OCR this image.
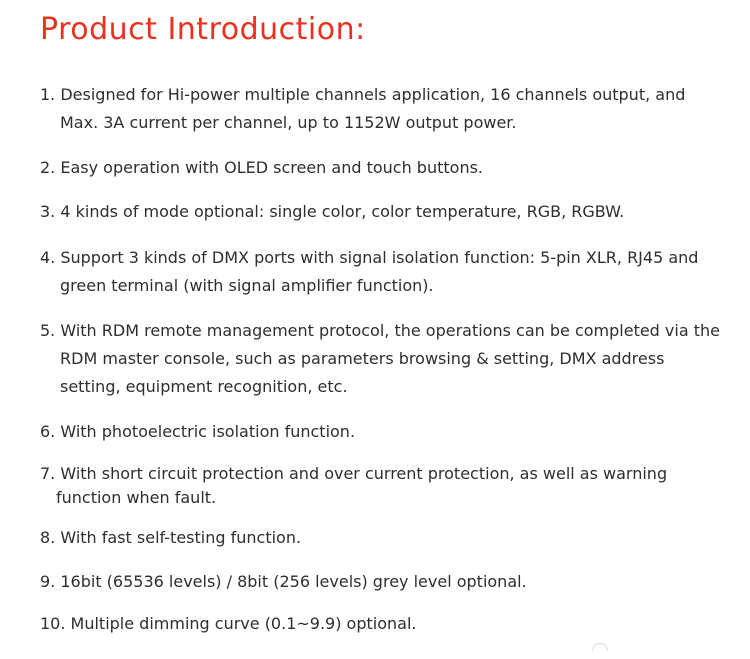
Product Introduction:
1. Designed for Hi-power multiple channels application, 16 channels output, and
Max. 3A current per channel, up to 1152W output power.
2. Easy operation with OLED screen and touch buttons.
3. 4 kinds of mode optional: single color, color temperature, RGB, RGBW.
4. Support 3 kinds of DMX ports with signal isolation function: 5-pin XLR, RJ45 and
green terminal (with signal amplifier function).
5. With RDM remote management protocol, the operations can be completed via the
RDM master console, such as parameters browsing & setting, DMX address
setting, equipment recognition, etc.
6. With photoelectric isolation function.
7. With short circuit protection and over current protection, as well as warning
function when fault.
8. With fast self-testing function.
9. 16bit (65536 levels) / 8bit (256 levels) grey level optional.
10. Multiple dimming curve (0.1~9.9) optional.
